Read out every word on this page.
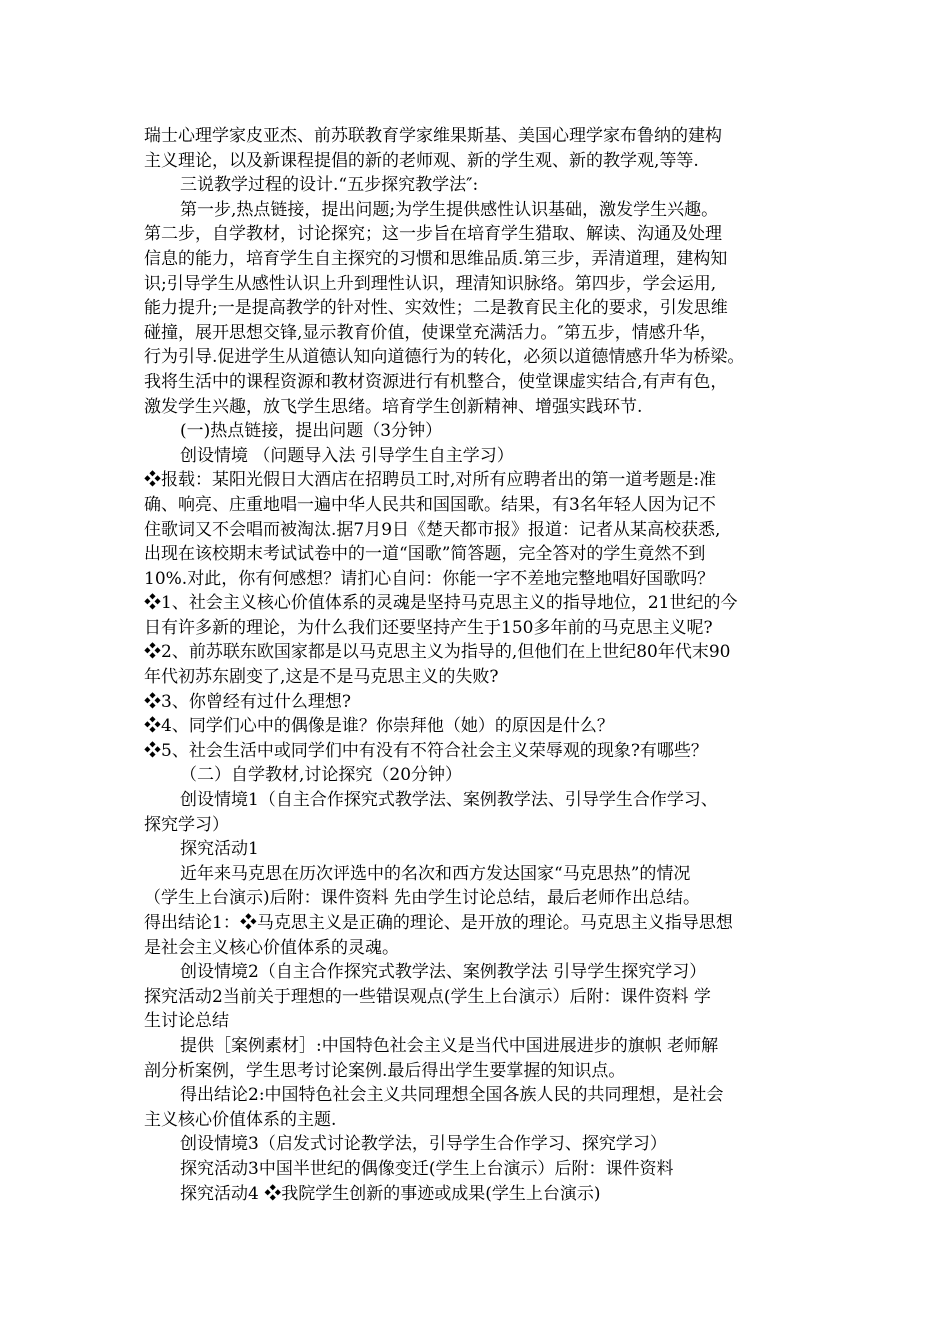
瑞士心理学家皮亚杰、前苏联教育学家维果斯基、美国心理学家布鲁纳的建构
主义理论，以及新课程提倡的新的老师观、新的学生观、新的教学观,等等.
三说教学过程的设计.“五步探究教学法″:
第一步,热点链接，提出问题;为学生提供感性认识基础，激发学生兴趣。
第二步，自学教材，讨论探究；这一步旨在培育学生猎取、解读、沟通及处理
信息的能力，培育学生自主探究的习惯和思维品质.第三步，弄清道理，建构知
识;引导学生从感性认识上升到理性认识，理清知识脉络。第四步，学会运用,
能力提升;一是提高教学的针对性、实效性；二是教育民主化的要求，引发思维
碰撞，展开思想交锋,显示教育价值，使课堂充满活力。″第五步，情感升华，
行为引导.促进学生从道德认知向道德行为的转化，必须以道德情感升华为桥梁。
我将生活中的课程资源和教材资源进行有机整合，使堂课虚实结合,有声有色，
激发学生兴趣，放飞学生思绪。培育学生创新精神、增强实践环节.
(一)热点链接，提出问题（3分钟）
创设情境 （问题导入法 引导学生自主学习）
❖报载：某阳光假日大酒店在招聘员工时,对所有应聘者出的第一道考题是:准
确、响亮、庄重地唱一遍中华人民共和国国歌。结果，有3名年轻人因为记不
住歌词又不会唱而被淘汰.据7月9日《楚天都市报》报道：记者从某高校获悉,
出现在该校期末考试试卷中的一道“国歌”简答题，完全答对的学生竟然不到
10%.对此，你有何感想？请扪心自问：你能一字不差地完整地唱好国歌吗？
❖1、社会主义核心价值体系的灵魂是坚持马克思主义的指导地位，21世纪的今
日有许多新的理论，为什么我们还要坚持产生于150多年前的马克思主义呢?
❖2、前苏联东欧国家都是以马克思主义为指导的,但他们在上世纪80年代末90
年代初苏东剧变了,这是不是马克思主义的失败?
❖3、你曾经有过什么理想?
❖4、同学们心中的偶像是谁？你崇拜他（她）的原因是什么？
❖5、社会生活中或同学们中有没有不符合社会主义荣辱观的现象?有哪些？
（二）自学教材,讨论探究（20分钟）
创设情境1（自主合作探究式教学法、案例教学法、引导学生合作学习、
探究学习）
探究活动1
近年来马克思在历次评选中的名次和西方发达国家“马克思热”的情况
（学生上台演示)后附：课件资料 先由学生讨论总结，最后老师作出总结。
得出结论1：❖马克思主义是正确的理论、是开放的理论。马克思主义指导思想
是社会主义核心价值体系的灵魂。
创设情境2（自主合作探究式教学法、案例教学法 引导学生探究学习）
探究活动2当前关于理想的一些错误观点(学生上台演示）后附：课件资料 学
生讨论总结
提供［案例素材］:中国特色社会主义是当代中国进展进步的旗帜 老师解
剖分析案例，学生思考讨论案例.最后得出学生要掌握的知识点。
得出结论2:中国特色社会主义共同理想全国各族人民的共同理想，是社会
主义核心价值体系的主题.
创设情境3（启发式讨论教学法，引导学生合作学习、探究学习）
探究活动3中国半世纪的偶像变迁(学生上台演示）后附：课件资料
探究活动4 ❖我院学生创新的事迹或成果(学生上台演示)
